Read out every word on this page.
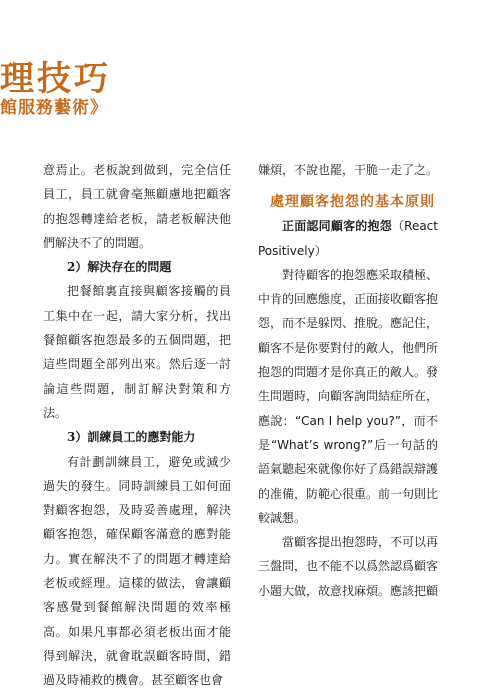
理技巧
館服務藝術》

意焉止。老板說到做到，完全信任員工，員工就會毫無顧慮地把顧客的抱怨轉達給老板，請老板解決他們解決不了的問題。

2）解決存在的問題

把餐館裏直接與顧客接觸的員工集中在一起，請大家分析，找出餐館顧客抱怨最多的五個問題，把這些問題全部列出來。然后逐一討論這些問題，制訂解決對策和方法。

3）訓練員工的應對能力

有計劃訓練員工，避免或減少過失的發生。同時訓練員工如何面對顧客抱怨，及時妥善處理，解決顧客抱怨，確保顧客滿意的應對能力。實在解決不了的問題才轉達給老板或經理。這樣的做法，會讓顧客感覺到餐館解決問題的效率極高。如果凡事都必須老板出面才能得到解決，就會耽誤顧客時間，錯過及時補救的機會。甚至顧客也會

嫌煩，不說也罷，干脆一走了之。

處理顧客抱怨的基本原則

正面認同顧客的抱怨（React Positively）

對待顧客的抱怨應采取積極、中肯的回應態度，正面接收顧客抱怨，而不是躲閃、推脫。應記住，顧客不是你要對付的敵人，他們所抱怨的問題才是你真正的敵人。發生問題時，向顧客詢問結症所在，應說：“Can I help you?”，而不是“What’s wrong?”后一句話的語氣聽起來就像你好了爲錯誤辯護的准備，防範心很重。前一句則比較誠懇。

當顧客提出抱怨時，不可以再三盤問，也不能不以爲然認爲顧客小題大做，故意找麻煩。應該把顧
